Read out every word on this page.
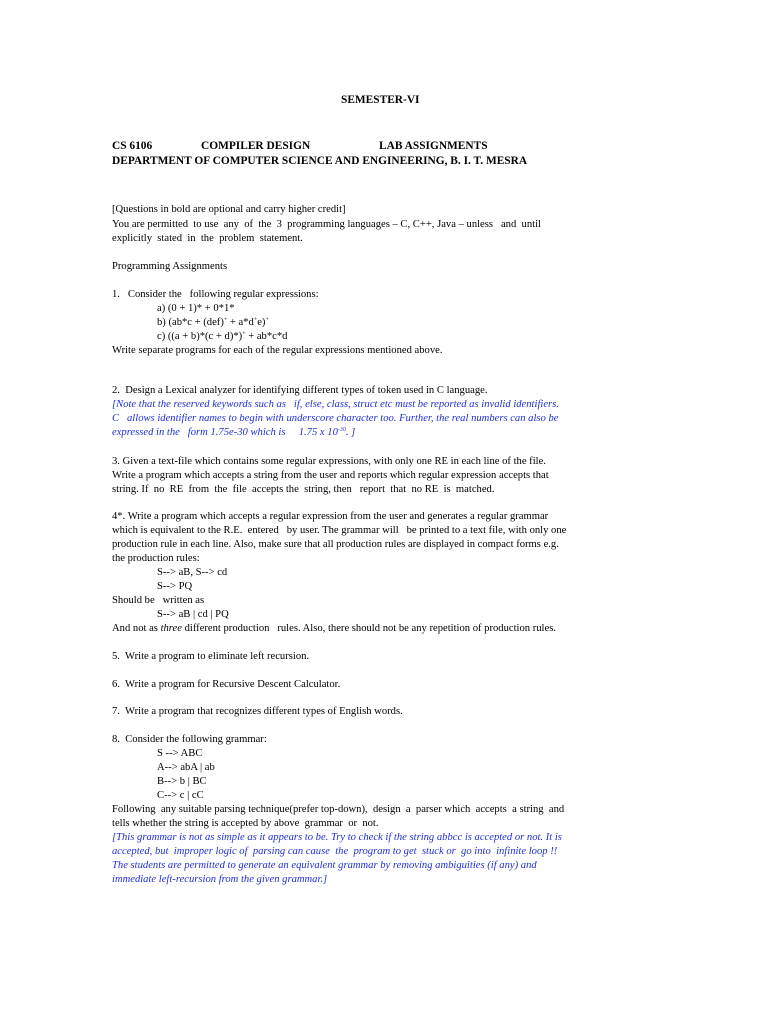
SEMESTER-VI
CS 6106	COMPILER DESIGN	LAB ASSIGNMENTS
DEPARTMENT OF COMPUTER SCIENCE AND ENGINEERING, B. I. T. MESRA
[Questions in bold are optional and carry higher credit]
You are permitted  to use  any  of  the  3  programming languages – C, C++, Java – unless   and  until
explicitly  stated  in  the  problem  statement.
Programming Assignments
1.   Consider the   following regular expressions:
a) (0 + 1)* + 0*1*
b) (ab*c + (def)+ + a*d+e)+
c) ((a + b)*(c + d)*)+ + ab*c*d
Write separate programs for each of the regular expressions mentioned above.
2.  Design a Lexical analyzer for identifying different types of token used in C language.
[Note that the reserved keywords such as   if, else, class, struct etc must be reported as invalid identifiers.
C   allows identifier names to begin with underscore character too. Further, the real numbers can also be
expressed in the   form 1.75e-30 which is     1.75 x $10^{-30}$. ]
3. Given a text-file which contains some regular expressions, with only one RE in each line of the file.
Write a program which accepts a string from the user and reports which regular expression accepts that
string. If  no  RE  from  the  file  accepts the  string, then   report  that  no RE  is  matched.
4*. Write a program which accepts a regular expression from the user and generates a regular grammar
which is equivalent to the R.E.  entered   by user. The grammar will   be printed to a text file, with only one
production rule in each line. Also, make sure that all production rules are displayed in compact forms e.g.
the production rules:
S--> aB, S--> cd
S--> PQ
Should be   written as
S--> aB | cd | PQ
And not as three different production   rules. Also, there should not be any repetition of production rules.
5.  Write a program to eliminate left recursion.
6.  Write a program for Recursive Descent Calculator.
7.  Write a program that recognizes different types of English words.
8.  Consider the following grammar:
S --> ABC
A--> abA | ab
B--> b | BC
C--> c | cC
Following  any suitable parsing technique(prefer top-down),  design  a  parser which  accepts  a string  and
tells whether the string is accepted by above  grammar  or  not.
[This grammar is not as simple as it appears to be. Try to check if the string abbcc is accepted or not. It is
accepted, but  improper logic of  parsing can cause  the  program to get  stuck or  go into  infinite loop !!
The students are permitted to generate an equivalent grammar by removing ambiguities (if any) and
immediate left-recursion from the given grammar.]
